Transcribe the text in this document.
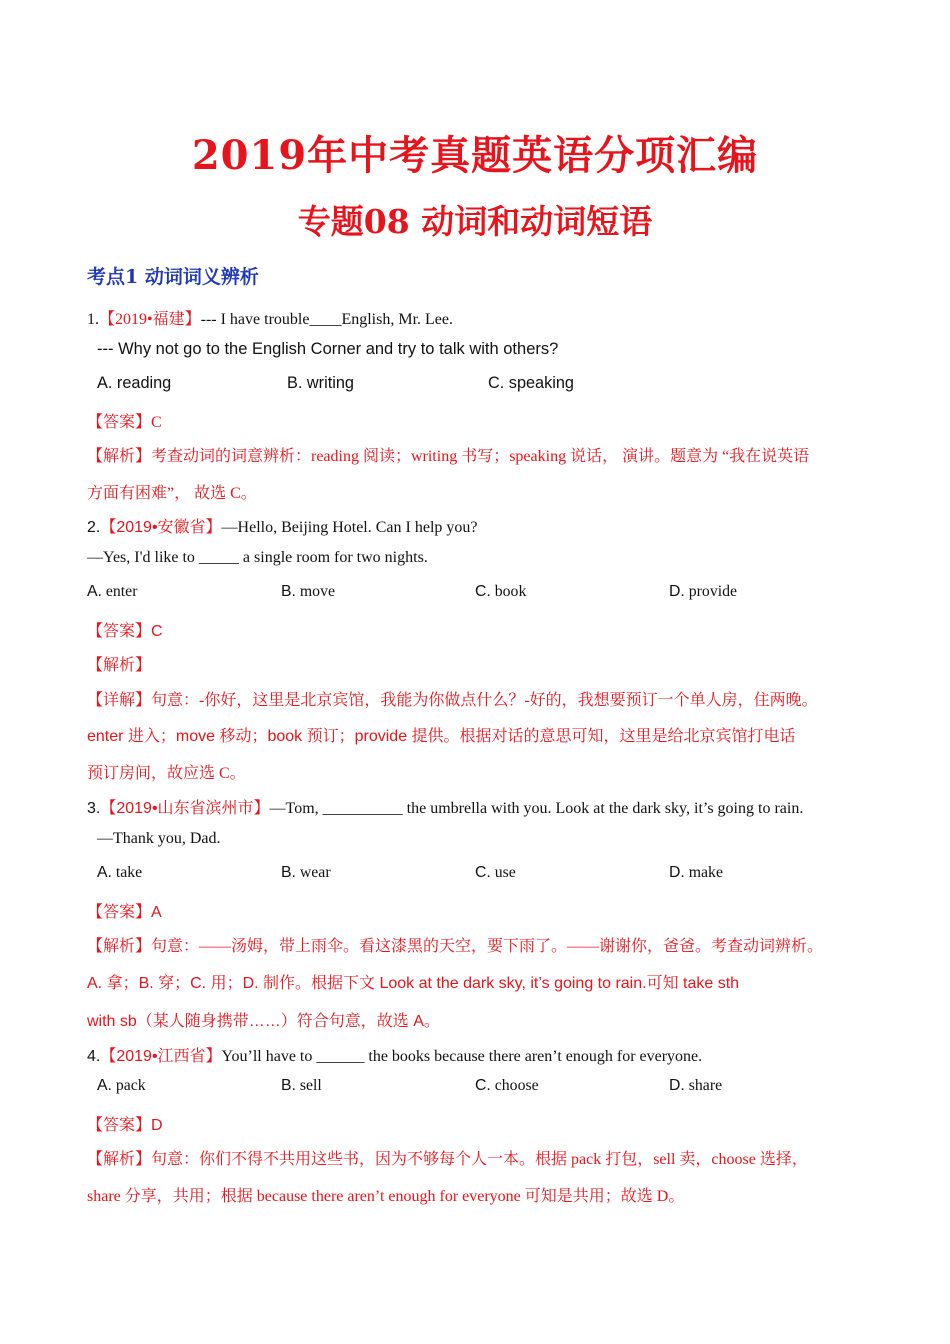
2019年中考真题英语分项汇编
专题08 动词和动词短语
考点1 动词词义辨析
1.【2019•福建】--- I have trouble____English, Mr. Lee.
--- Why not go to the English Corner and try to talk with others?
A. reading	B. writing	C. speaking
【答案】C
【解析】考查动词的词意辨析：reading 阅读；writing 书写；speaking 说话， 演讲。题意为 “我在说英语
方面有困难”， 故选 C。
2.【2019•安徽省】—Hello, Beijing Hotel. Can I help you?
—Yes, I'd like to _____ a single room for two nights.
A. enter	B. move	C. book	D. provide
【答案】C
【解析】
【详解】句意：-你好，这里是北京宾馆，我能为你做点什么？-好的，我想要预订一个单人房，住两晚。
enter 进入；move 移动；book 预订；provide 提供。根据对话的意思可知，这里是给北京宾馆打电话
预订房间，故应选 C。
3.【2019•山东省滨州市】—Tom, __________ the umbrella with you. Look at the dark sky, it’s going to rain.
—Thank you, Dad.
A. take	B. wear	C. use	D. make
【答案】A
【解析】句意：——汤姆，带上雨伞。看这漆黑的天空，要下雨了。——谢谢你，爸爸。考查动词辨析。
A. 拿；B. 穿；C. 用；D. 制作。根据下文 Look at the dark sky, it’s going to rain.可知 take sth
with sb（某人随身携带……）符合句意，故选 A。
4.【2019•江西省】You’ll have to ______ the books because there aren’t enough for everyone.
A. pack	B. sell	C. choose	D. share
【答案】D
【解析】句意：你们不得不共用这些书，因为不够每个人一本。根据 pack 打包，sell 卖，choose 选择，
share 分享，共用；根据 because there aren’t enough for everyone 可知是共用；故选 D。
